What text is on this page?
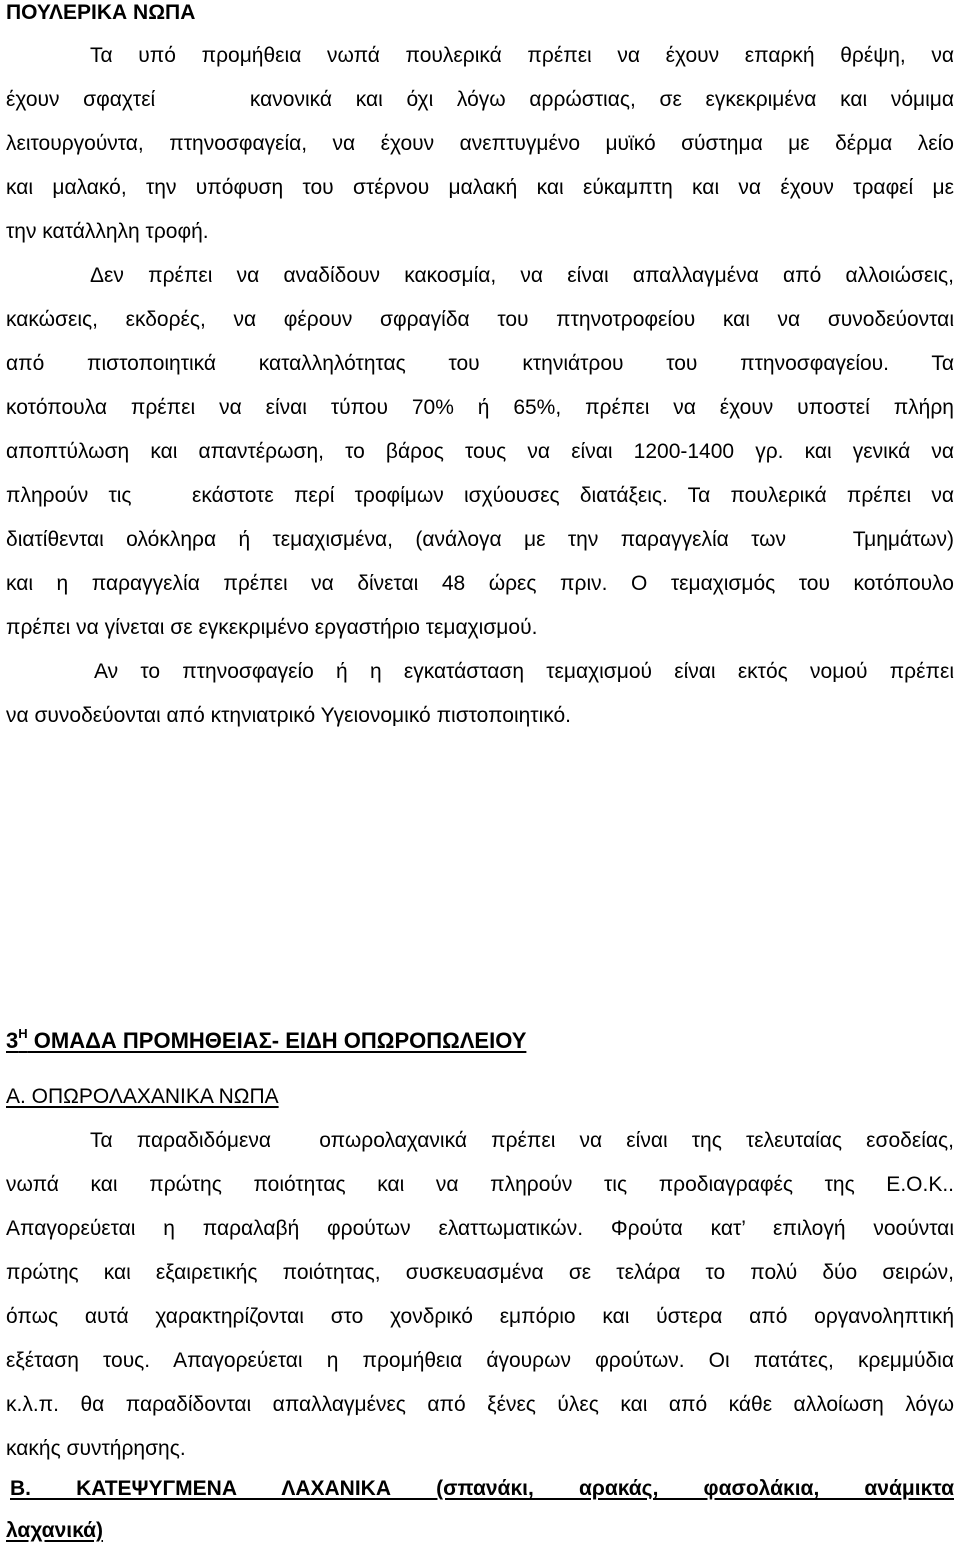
ΠΟΥΛΕΡΙΚΑ ΝΩΠΑ
Τα υπό προμήθεια νωπά πουλερικά πρέπει να έχουν επαρκή θρέψη, να
έχουν σφαχτεί    κανονικά και όχι λόγω αρρώστιας, σε εγκεκριμένα και νόμιμα
λειτουργούντα, πτηνοσφαγεία, να έχουν ανεπτυγμένο μυϊκό σύστημα με δέρμα λείο
και μαλακό, την υπόφυση του στέρνου μαλακή και εύκαμπτη και να έχουν τραφεί με
την κατάλληλη τροφή.
Δεν πρέπει να αναδίδουν κακοσμία, να είναι απαλλαγμένα από αλλοιώσεις,
κακώσεις, εκδορές, να φέρουν σφραγίδα του πτηνοτροφείου και να συνοδεύονται
από πιστοποιητικά καταλληλότητας του κτηνιάτρου του πτηνοσφαγείου. Τα
κοτόπουλα πρέπει να είναι τύπου 70% ή 65%, πρέπει να έχουν υποστεί πλήρη
αποπτύλωση και απαντέρωση, το βάρος τους να είναι 1200-1400 γρ. και γενικά να
πληρούν τις   εκάστοτε περί τροφίμων ισχύουσες διατάξεις. Τα πουλερικά πρέπει να
διατίθενται ολόκληρα ή τεμαχισμένα, (ανάλογα με την παραγγελία των   Τμημάτων)
και η παραγγελία πρέπει να δίνεται 48 ώρες πριν. Ο τεμαχισμός του κοτόπουλο
πρέπει να γίνεται σε εγκεκριμένο εργαστήριο τεμαχισμού.
Αν το πτηνοσφαγείο ή η εγκατάσταση τεμαχισμού είναι εκτός νομού πρέπει
να συνοδεύονται από κτηνιατρικό Υγειονομικό πιστοποιητικό.
$3^H$ ΟΜΑΔΑ ΠΡΟΜΗΘΕΙΑΣ- ΕΙΔΗ ΟΠΩΡΟΠΩΛΕΙΟΥ
Α. ΟΠΩΡΟΛΑΧΑΝΙΚΑ ΝΩΠΑ
Τα παραδιδόμενα  οπωρολαχανικά πρέπει να είναι της τελευταίας εσοδείας,
νωπά και πρώτης ποιότητας και να πληρούν τις προδιαγραφές της Ε.Ο.Κ..
Απαγορεύεται η παραλαβή φρούτων ελαττωματικών. Φρούτα κατ’ επιλογή νοούνται
πρώτης και εξαιρετικής ποιότητας, συσκευασμένα σε τελάρα το πολύ δύο σειρών,
όπως αυτά χαρακτηρίζονται στο χονδρικό εμπόριο και ύστερα από οργανοληπτική
εξέταση τους. Απαγορεύεται η προμήθεια άγουρων φρούτων. Οι πατάτες, κρεμμύδια
κ.λ.π. θα παραδίδονται απαλλαγμένες από ξένες ύλες και από κάθε αλλοίωση λόγω
κακής συντήρησης.
Β. ΚΑΤΕΨΥΓΜΕΝΑ ΛΑΧΑΝΙΚΑ (σπανάκι, αρακάς, φασολάκια, ανάμικτα
λαχανικά)
